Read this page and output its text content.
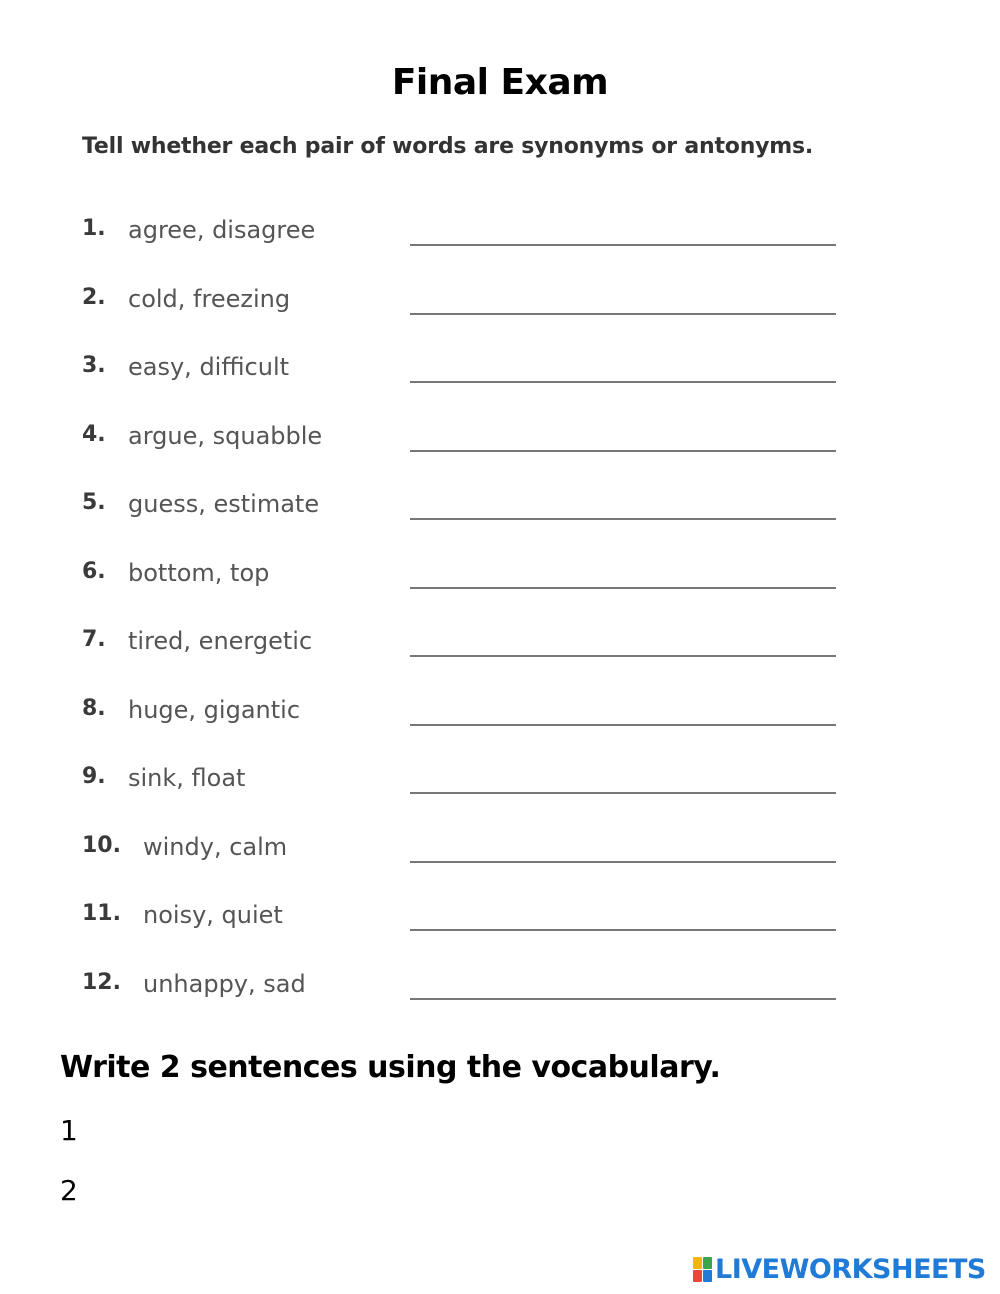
Final Exam
Tell whether each pair of words are synonyms or antonyms.
1. agree, disagree
2. cold, freezing
3. easy, difficult
4. argue, squabble
5. guess, estimate
6. bottom, top
7. tired, energetic
8. huge, gigantic
9. sink, float
10. windy, calm
11. noisy, quiet
12. unhappy, sad
Write 2 sentences using the vocabulary.
1
2
LIVEWORKSHEETS
